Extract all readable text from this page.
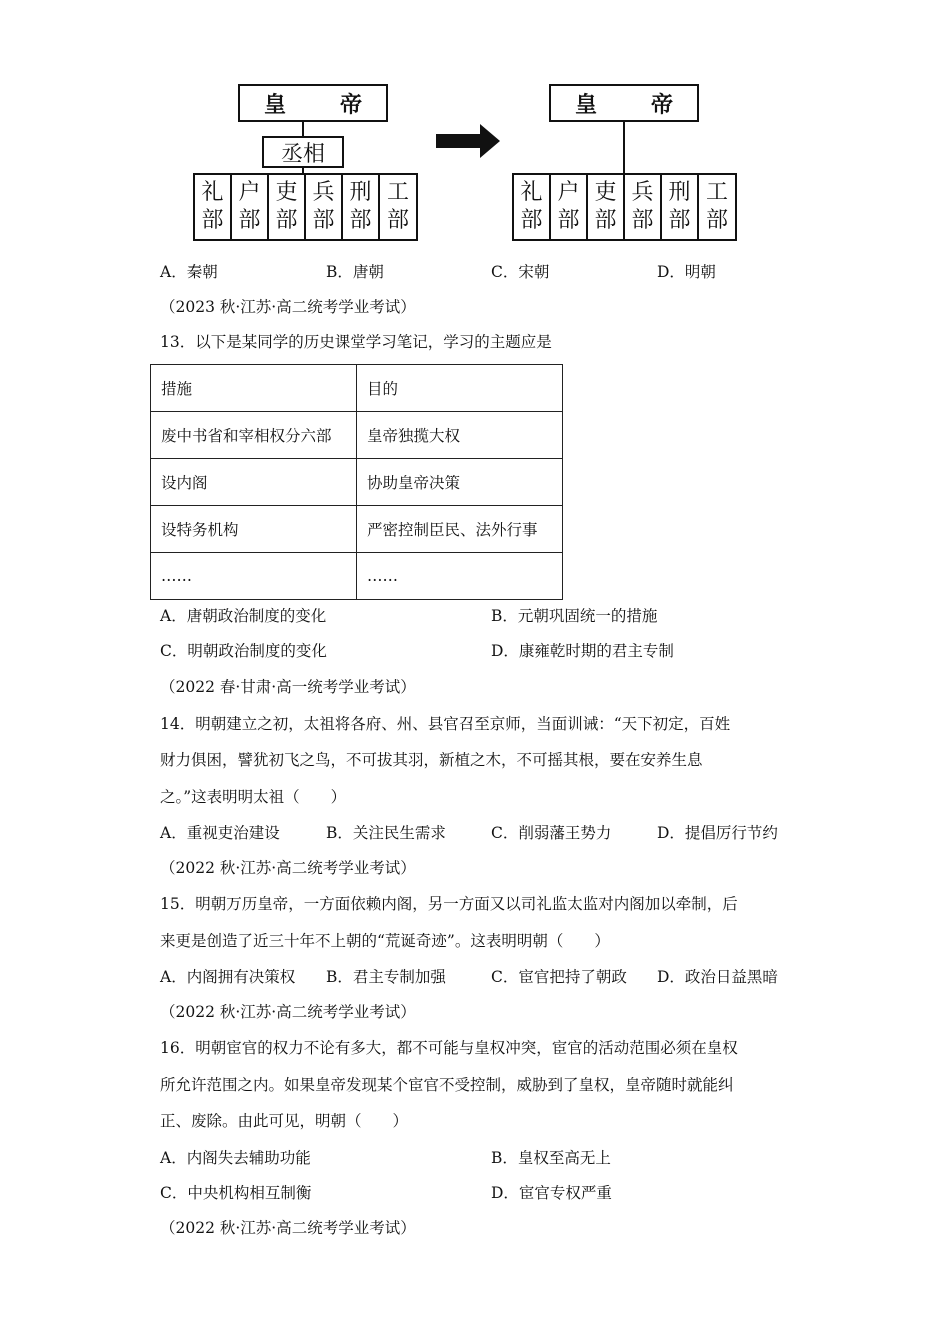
皇 帝
丞相
礼
部
户
部
吏
部
兵
部
刑
部
工
部
皇 帝
礼
部
户
部
吏
部
兵
部
刑
部
工
部
A．秦朝	B．唐朝	C．宋朝	D．明朝
（2023 秋·江苏·高二统考学业考试）
13．以下是某同学的历史课堂学习笔记，学习的主题应是
措施	目的
废中书省和宰相权分六部	皇帝独揽大权
设内阁	协助皇帝决策
设特务机构	严密控制臣民、法外行事
……	……
A．唐朝政治制度的变化	B．元朝巩固统一的措施
C．明朝政治制度的变化	D．康雍乾时期的君主专制
（2022 春·甘肃·高一统考学业考试）
14．明朝建立之初，太祖将各府、州、县官召至京师，当面训诫：“天下初定，百姓
财力俱困，譬犹初飞之鸟，不可拔其羽，新植之木，不可摇其根，要在安养生息
之。”这表明明太祖（　　）
A．重视吏治建设	B．关注民生需求	C．削弱藩王势力	D．提倡厉行节约
（2022 秋·江苏·高二统考学业考试）
15．明朝万历皇帝，一方面依赖内阁，另一方面又以司礼监太监对内阁加以牵制，后
来更是创造了近三十年不上朝的“荒诞奇迹”。这表明明朝（　　）
A．内阁拥有决策权 B．君主专制加强	C．宦官把持了朝政 D．政治日益黑暗
（2022 秋·江苏·高二统考学业考试）
16．明朝宦官的权力不论有多大，都不可能与皇权冲突，宦官的活动范围必须在皇权
所允许范围之内。如果皇帝发现某个宦官不受控制，威胁到了皇权，皇帝随时就能纠
正、废除。由此可见，明朝（　　）
A．内阁失去辅助功能	B．皇权至高无上
C．中央机构相互制衡	D．宦官专权严重
（2022 秋·江苏·高二统考学业考试）
